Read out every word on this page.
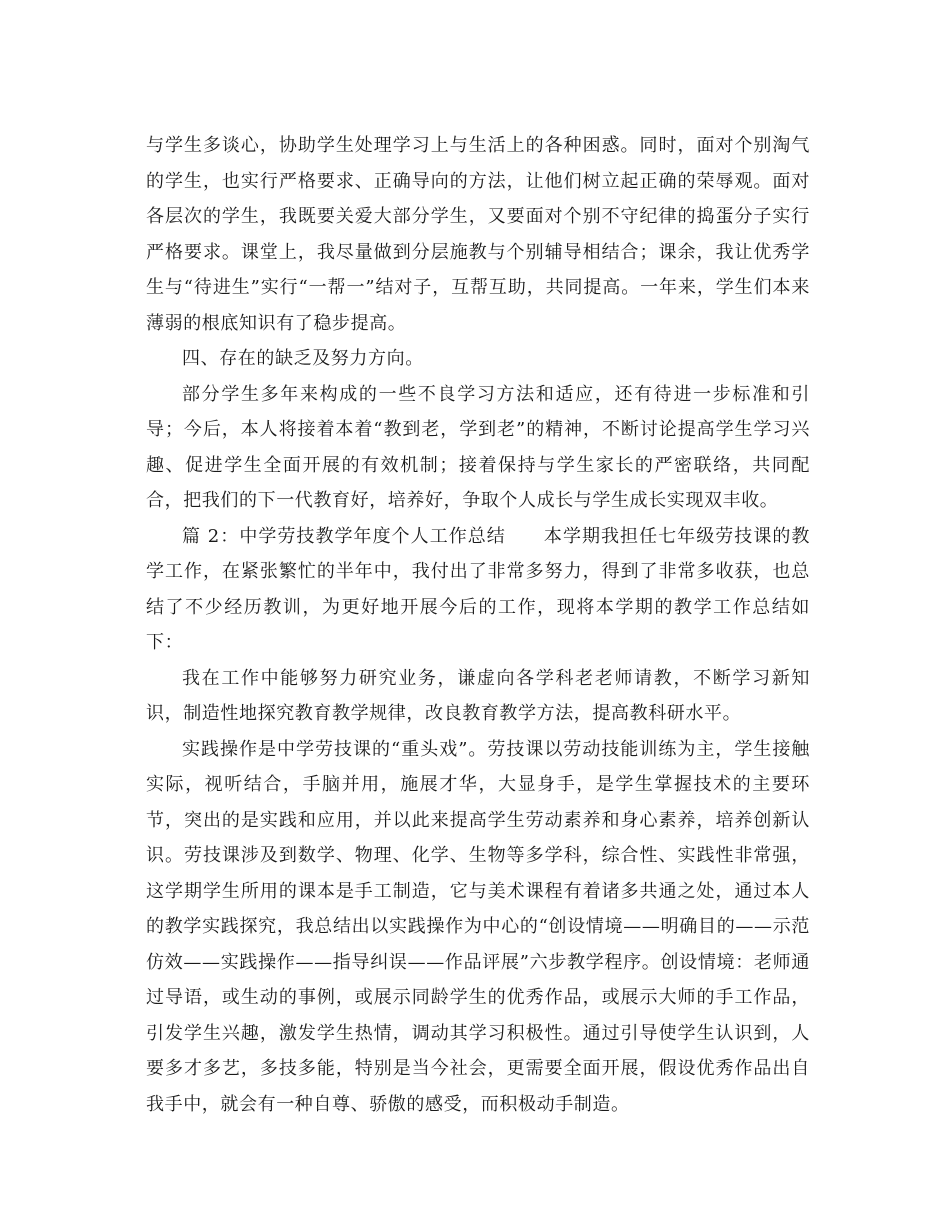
与学生多谈心，协助学生处理学习上与生活上的各种困惑。同时，面对个别淘气的学生，也实行严格要求、正确导向的方法，让他们树立起正确的荣辱观。面对各层次的学生，我既要关爱大部分学生，又要面对个别不守纪律的捣蛋分子实行严格要求。课堂上，我尽量做到分层施教与个别辅导相结合；课余，我让优秀学生与“待进生”实行“一帮一”结对子，互帮互助，共同提高。一年来，学生们本来薄弱的根底知识有了稳步提高。

四、存在的缺乏及努力方向。

部分学生多年来构成的一些不良学习方法和适应，还有待进一步标准和引导；今后，本人将接着本着“教到老，学到老”的精神，不断讨论提高学生学习兴趣、促进学生全面开展的有效机制；接着保持与学生家长的严密联络，共同配合，把我们的下一代教育好，培养好，争取个人成长与学生成长实现双丰收。

篇 2：中学劳技教学年度个人工作总结　　本学期我担任七年级劳技课的教学工作，在紧张繁忙的半年中，我付出了非常多努力，得到了非常多收获，也总结了不少经历教训，为更好地开展今后的工作，现将本学期的教学工作总结如下：

我在工作中能够努力研究业务，谦虚向各学科老老师请教，不断学习新知识，制造性地探究教育教学规律，改良教育教学方法，提高教科研水平。

实践操作是中学劳技课的“重头戏”。劳技课以劳动技能训练为主，学生接触实际，视听结合，手脑并用，施展才华，大显身手，是学生掌握技术的主要环节，突出的是实践和应用，并以此来提高学生劳动素养和身心素养，培养创新认识。劳技课涉及到数学、物理、化学、生物等多学科，综合性、实践性非常强，这学期学生所用的课本是手工制造，它与美术课程有着诸多共通之处，通过本人的教学实践探究，我总结出以实践操作为中心的“创设情境——明确目的——示范仿效——实践操作——指导纠误——作品评展”六步教学程序。创设情境：老师通过导语，或生动的事例，或展示同龄学生的优秀作品，或展示大师的手工作品，引发学生兴趣，激发学生热情，调动其学习积极性。通过引导使学生认识到，人要多才多艺，多技多能，特别是当今社会，更需要全面开展，假设优秀作品出自我手中，就会有一种自尊、骄傲的感受，而积极动手制造。
